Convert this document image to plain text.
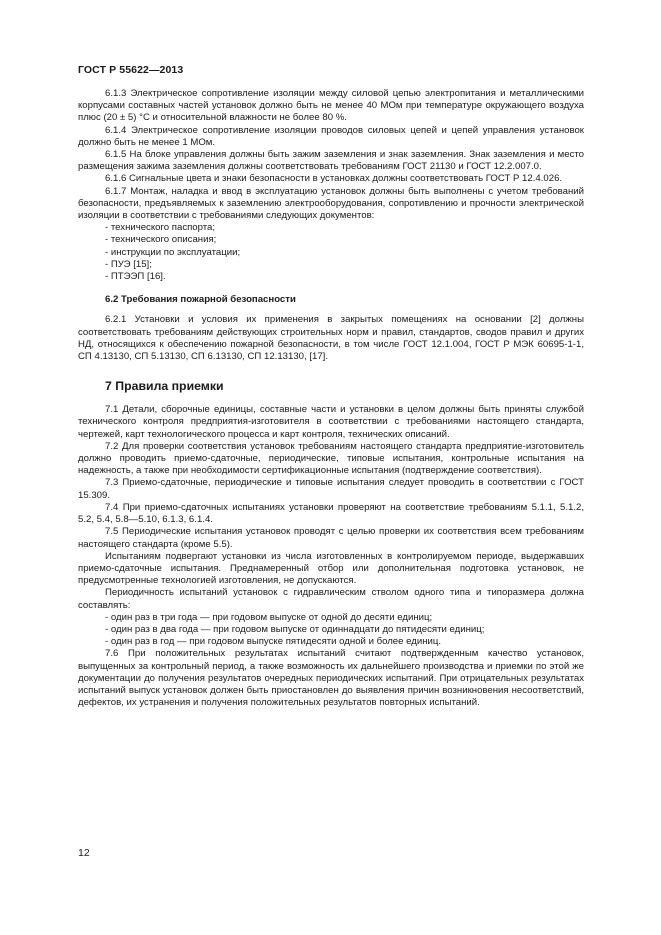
ГОСТ Р 55622—2013

6.1.3 Электрическое сопротивление изоляции между силовой цепью электропитания и металлическими корпусами составных частей установок должно быть не менее 40 МОм при температуре окружающего воздуха плюс (20 ± 5) °С и относительной влажности не более 80 %.

6.1.4 Электрическое сопротивление изоляции проводов силовых цепей и цепей управления установок должно быть не менее 1 МОм.

6.1.5 На блоке управления должны быть зажим заземления и знак заземления. Знак заземления и место размещения зажима заземления должны соответствовать требованиям ГОСТ 21130 и ГОСТ 12.2.007.0.

6.1.6 Сигнальные цвета и знаки безопасности в установках должны соответствовать ГОСТ Р 12.4.026.

6.1.7 Монтаж, наладка и ввод в эксплуатацию установок должны быть выполнены с учетом требований безопасности, предъявляемых к заземлению электрооборудования, сопротивлению и прочности электрической изоляции в соответствии с требованиями следующих документов:

- технического паспорта;

- технического описания;

- инструкции по эксплуатации;

- ПУЭ [15];

- ПТЭЭП [16].

6.2 Требования пожарной безопасности

6.2.1 Установки и условия их применения в закрытых помещениях на основании [2] должны соответствовать требованиям действующих строительных норм и правил, стандартов, сводов правил и других НД, относящихся к обеспечению пожарной безопасности, в том числе ГОСТ 12.1.004, ГОСТ Р МЭК 60695-1-1, СП 4.13130, СП 5.13130, СП 6.13130, СП 12.13130, [17].

7 Правила приемки

7.1 Детали, сборочные единицы, составные части и установки в целом должны быть приняты службой технического контроля предприятия-изготовителя в соответствии с требованиями настоящего стандарта, чертежей, карт технологического процесса и карт контроля, технических описаний.

7.2 Для проверки соответствия установок требованиям настоящего стандарта предприятие-изготовитель должно проводить приемо-сдаточные, периодические, типовые испытания, контрольные испытания на надежность, а также при необходимости сертификационные испытания (подтверждение соответствия).

7.3 Приемо-сдаточные, периодические и типовые испытания следует проводить в соответствии с ГОСТ 15.309.

7.4 При приемо-сдаточных испытаниях установки проверяют на соответствие требованиям 5.1.1, 5.1.2, 5.2, 5.4, 5.8—5.10, 6.1.3, 6.1.4.

7.5 Периодические испытания установок проводят с целью проверки их соответствия всем требованиям настоящего стандарта (кроме 5.5).

Испытаниям подвергают установки из числа изготовленных в контролируемом периоде, выдержавших приемо-сдаточные испытания. Преднамеренный отбор или дополнительная подготовка установок, не предусмотренные технологией изготовления, не допускаются.

Периодичность испытаний установок с гидравлическим стволом одного типа и типоразмера должна составлять:

- один раз в три года — при годовом выпуске от одной до десяти единиц;

- один раз в два года — при годовом выпуске от одиннадцати до пятидесяти единиц;

- один раз в год — при годовом выпуске пятидесяти одной и более единиц.

7.6 При положительных результатах испытаний считают подтвержденным качество установок, выпущенных за контрольный период, а также возможность их дальнейшего производства и приемки по этой же документации до получения результатов очередных периодических испытаний. При отрицательных результатах испытаний выпуск установок должен быть приостановлен до выявления причин возникновения несоответствий, дефектов, их устранения и получения положительных результатов повторных испытаний.

12
